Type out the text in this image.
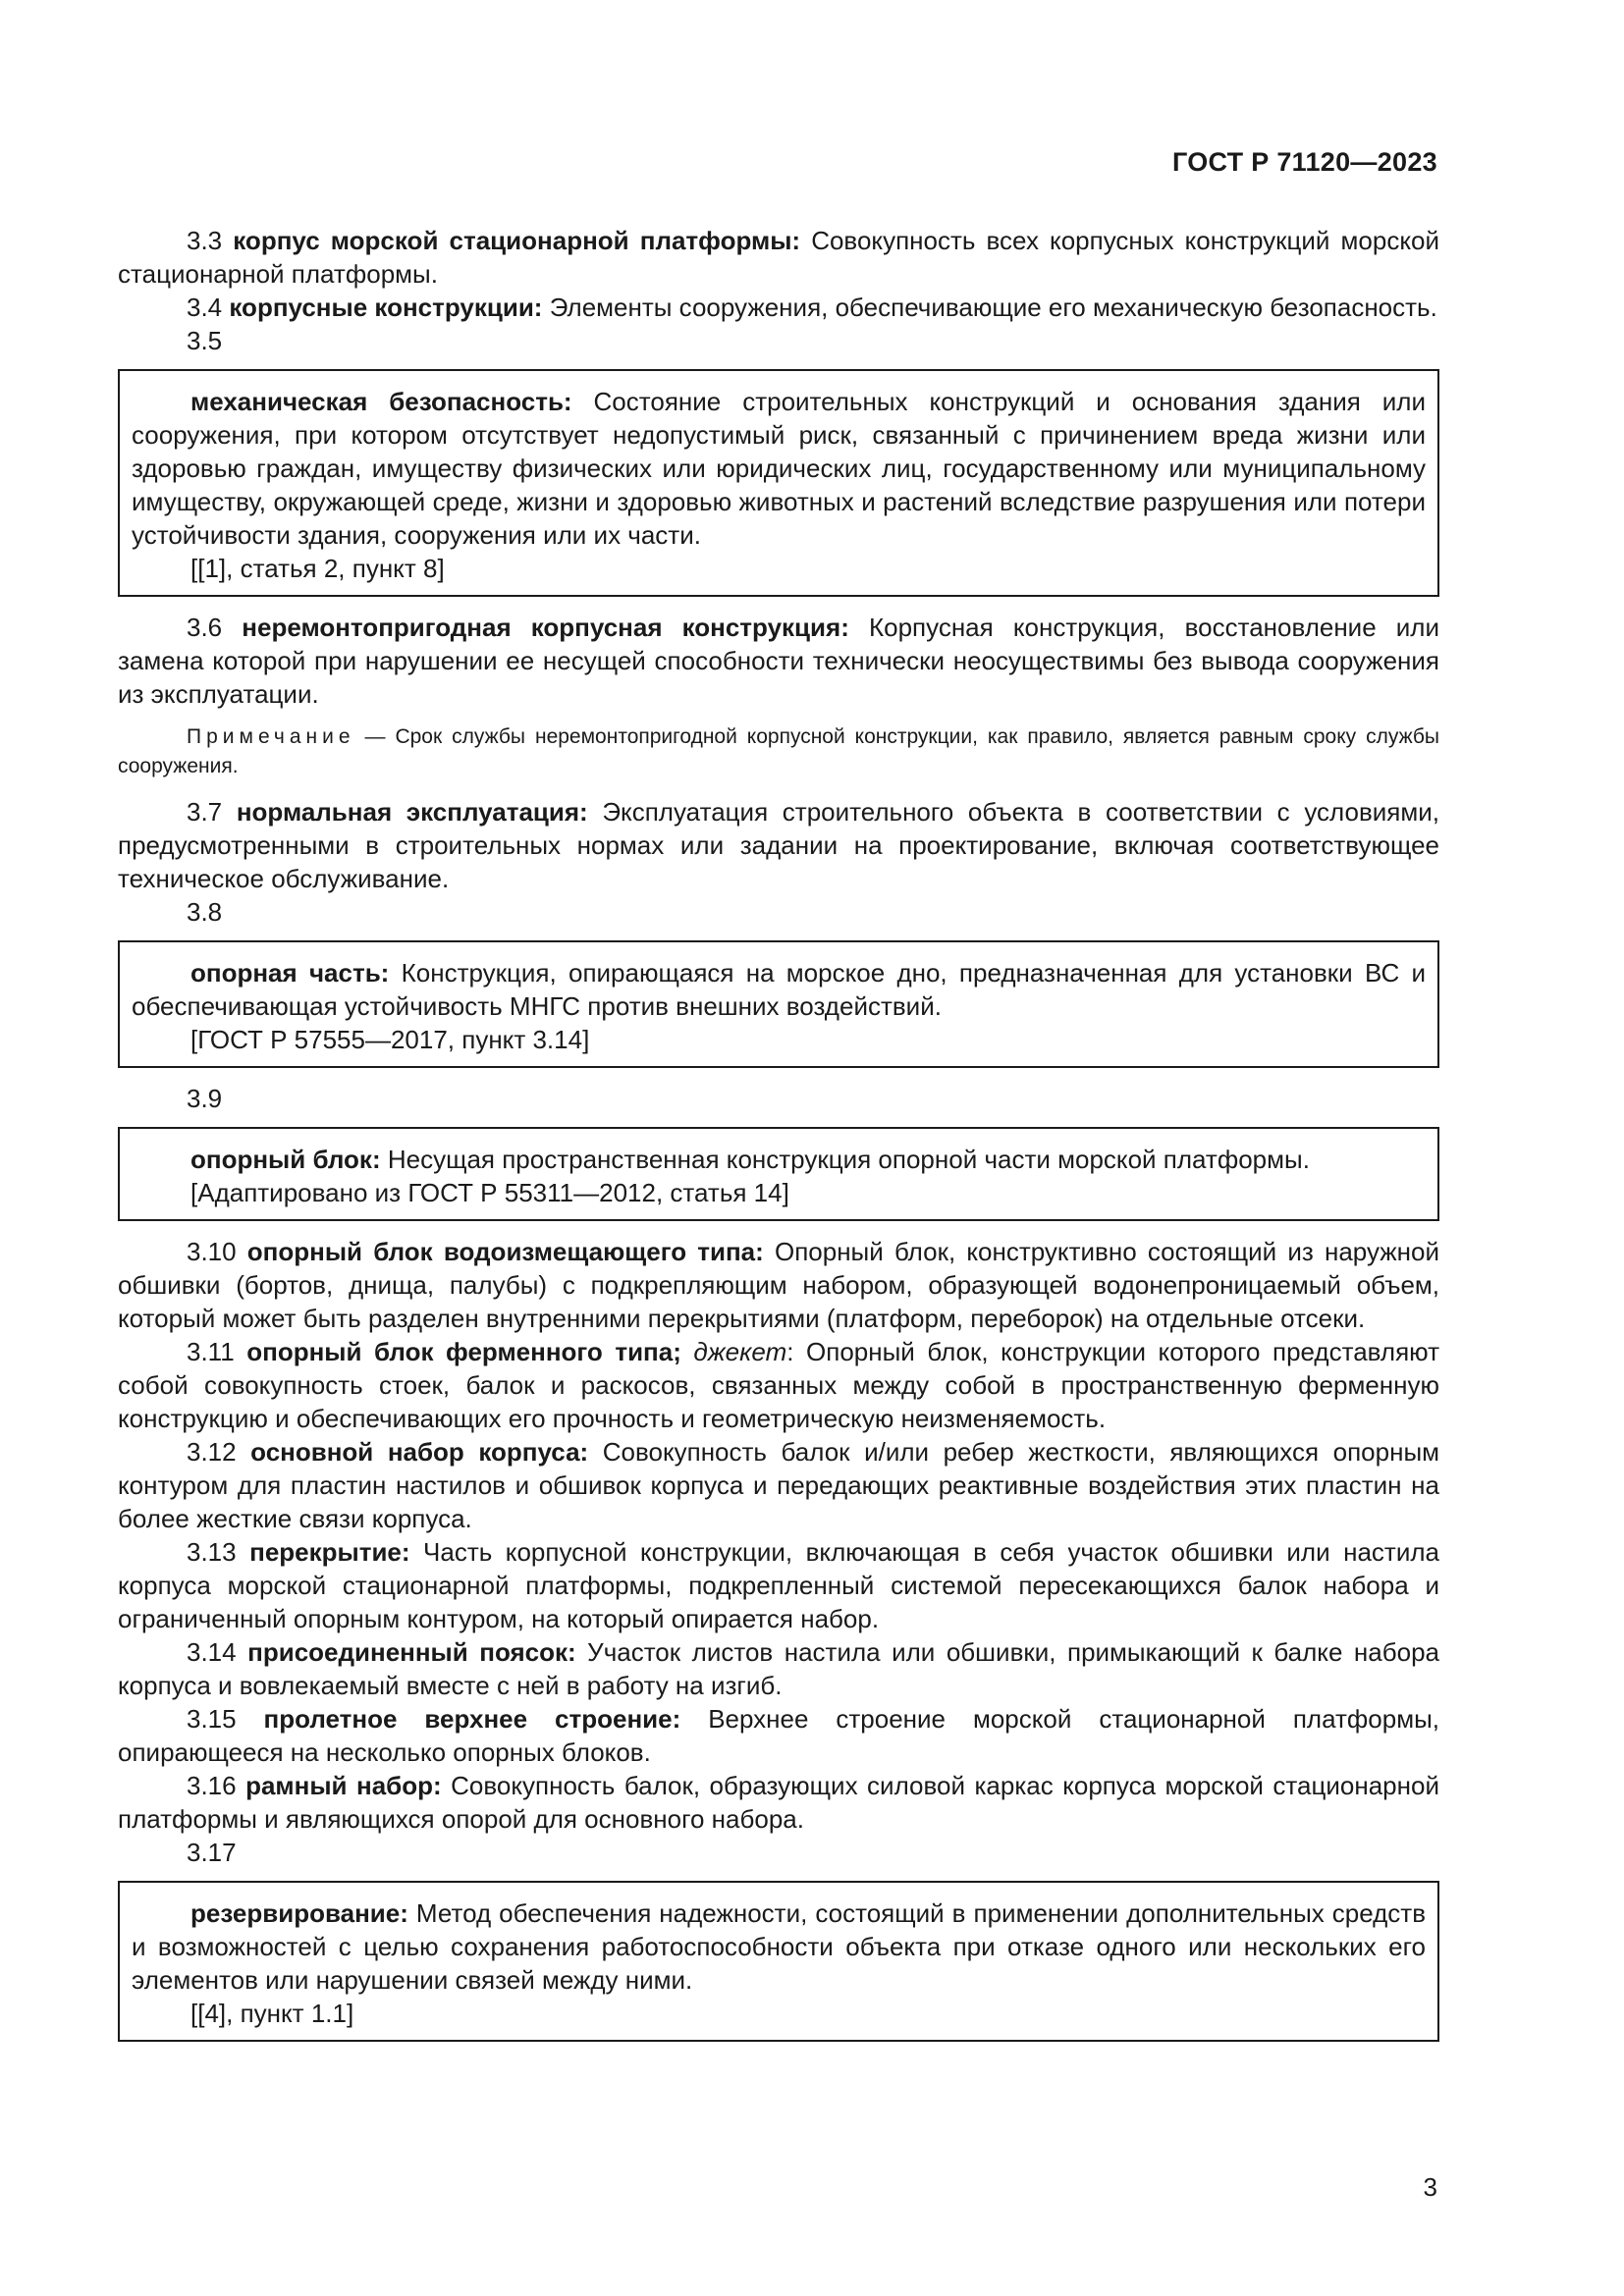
ГОСТ Р 71120—2023

3.3 корпус морской стационарной платформы: Совокупность всех корпусных конструкций морской стационарной платформы.

3.4 корпусные конструкции: Элементы сооружения, обеспечивающие его механическую безопасность.

3.5

механическая безопасность: Состояние строительных конструкций и основания здания или сооружения, при котором отсутствует недопустимый риск, связанный с причинением вреда жизни или здоровью граждан, имуществу физических или юридических лиц, государственному или муниципальному имуществу, окружающей среде, жизни и здоровью животных и растений вследствие разрушения или потери устойчивости здания, сооружения или их части.

[[1], статья 2, пункт 8]

3.6 неремонтопригодная корпусная конструкция: Корпусная конструкция, восстановление или замена которой при нарушении ее несущей способности технически неосуществимы без вывода сооружения из эксплуатации.

Примечание — Срок службы неремонтопригодной корпусной конструкции, как правило, является равным сроку службы сооружения.

3.7 нормальная эксплуатация: Эксплуатация строительного объекта в соответствии с условиями, предусмотренными в строительных нормах или задании на проектирование, включая соответствующее техническое обслуживание.

3.8

опорная часть: Конструкция, опирающаяся на морское дно, предназначенная для установки ВС и обеспечивающая устойчивость МНГС против внешних воздействий.

[ГОСТ Р 57555—2017, пункт 3.14]

3.9

опорный блок: Несущая пространственная конструкция опорной части морской платформы.

[Адаптировано из ГОСТ Р 55311—2012, статья 14]

3.10 опорный блок водоизмещающего типа: Опорный блок, конструктивно состоящий из наружной обшивки (бортов, днища, палубы) с подкрепляющим набором, образующей водонепроницаемый объем, который может быть разделен внутренними перекрытиями (платформ, переборок) на отдельные отсеки.

3.11 опорный блок ферменного типа; джекет: Опорный блок, конструкции которого представляют собой совокупность стоек, балок и раскосов, связанных между собой в пространственную ферменную конструкцию и обеспечивающих его прочность и геометрическую неизменяемость.

3.12 основной набор корпуса: Совокупность балок и/или ребер жесткости, являющихся опорным контуром для пластин настилов и обшивок корпуса и передающих реактивные воздействия этих пластин на более жесткие связи корпуса.

3.13 перекрытие: Часть корпусной конструкции, включающая в себя участок обшивки или настила корпуса морской стационарной платформы, подкрепленный системой пересекающихся балок набора и ограниченный опорным контуром, на который опирается набор.

3.14 присоединенный поясок: Участок листов настила или обшивки, примыкающий к балке набора корпуса и вовлекаемый вместе с ней в работу на изгиб.

3.15 пролетное верхнее строение: Верхнее строение морской стационарной платформы, опирающееся на несколько опорных блоков.

3.16 рамный набор: Совокупность балок, образующих силовой каркас корпуса морской стационарной платформы и являющихся опорой для основного набора.

3.17

резервирование: Метод обеспечения надежности, состоящий в применении дополнительных средств и возможностей с целью сохранения работоспособности объекта при отказе одного или нескольких его элементов или нарушении связей между ними.

[[4], пункт 1.1]

3
